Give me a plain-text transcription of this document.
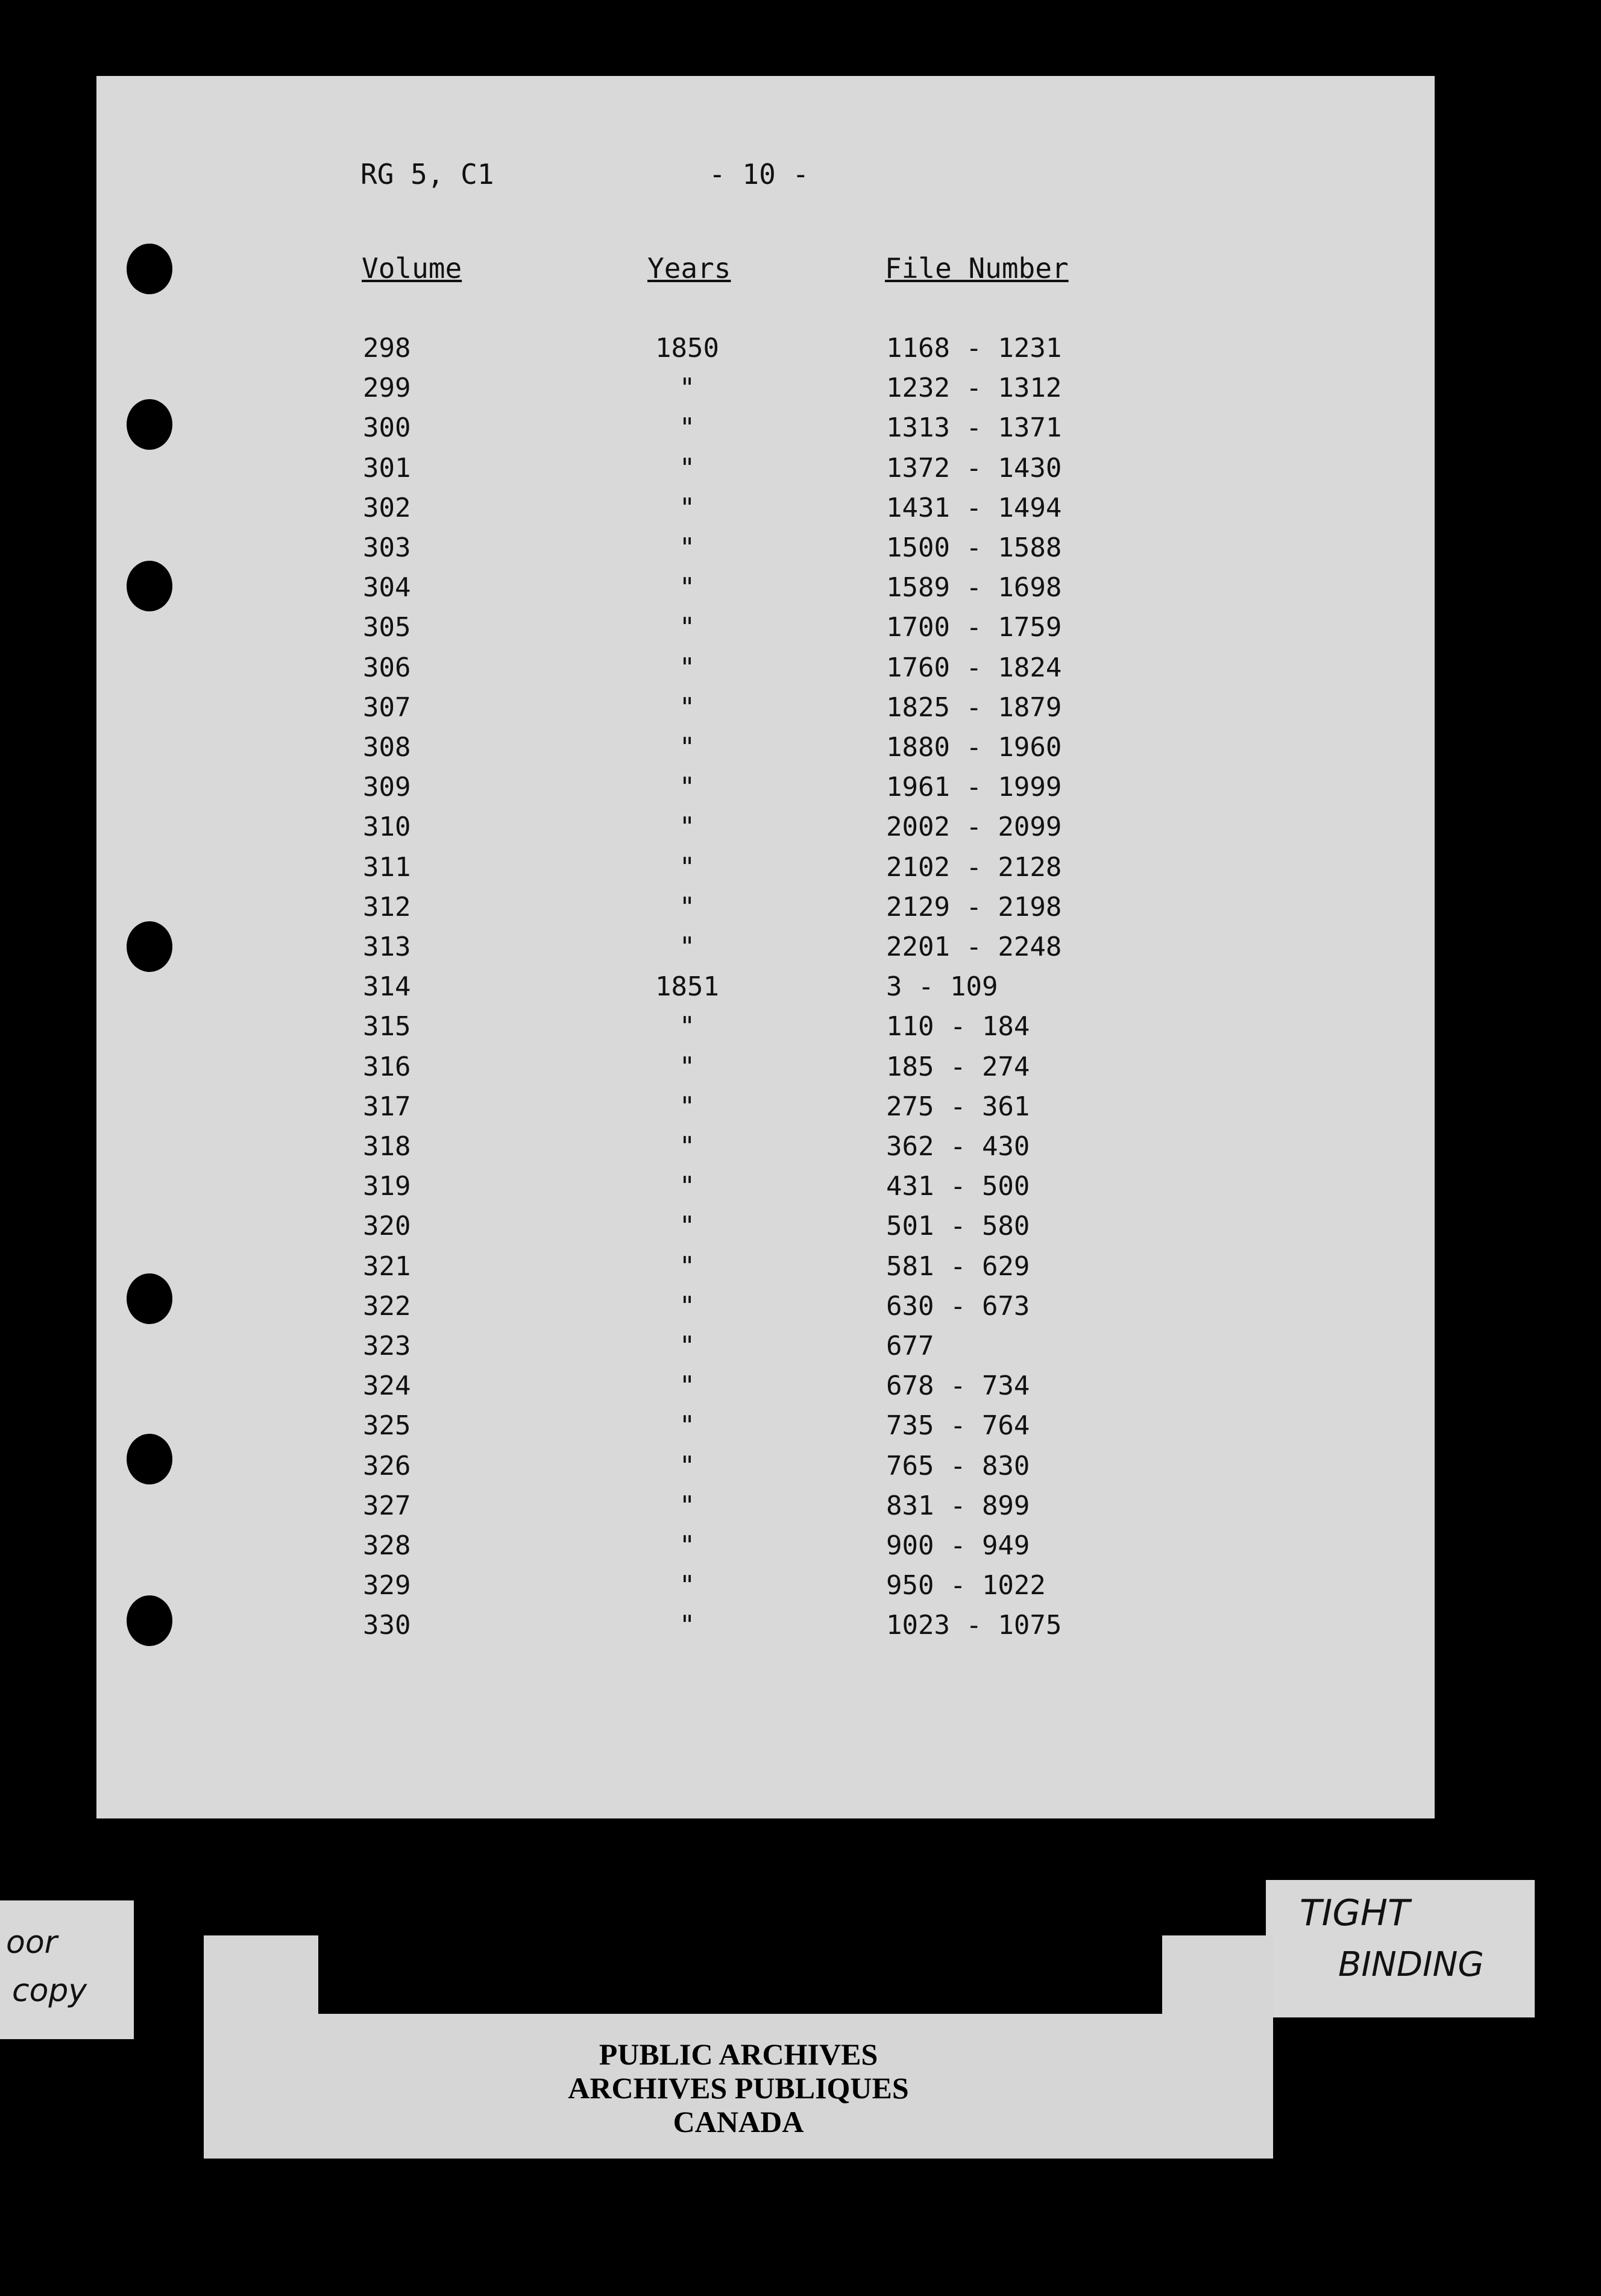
RG 5, C1	- 10 -
Volume	Years	File Number
298	1850	1168 - 1231
299	"	1232 - 1312
300	"	1313 - 1371
301	"	1372 - 1430
302	"	1431 - 1494
303	"	1500 - 1588
304	"	1589 - 1698
305	"	1700 - 1759
306	"	1760 - 1824
307	"	1825 - 1879
308	"	1880 - 1960
309	"	1961 - 1999
310	"	2002 - 2099
311	"	2102 - 2128
312	"	2129 - 2198
313	"	2201 - 2248
314	1851	3 - 109
315	"	110 - 184
316	"	185 - 274
317	"	275 - 361
318	"	362 - 430
319	"	431 - 500
320	"	501 - 580
321	"	581 - 629
322	"	630 - 673
323	"	677
324	"	678 - 734
325	"	735 - 764
326	"	765 - 830
327	"	831 - 899
328	"	900 - 949
329	"	950 - 1022
330	"	1023 - 1075
oor
copy
TIGHT
BINDING
PUBLIC ARCHIVES
ARCHIVES PUBLIQUES
CANADA
